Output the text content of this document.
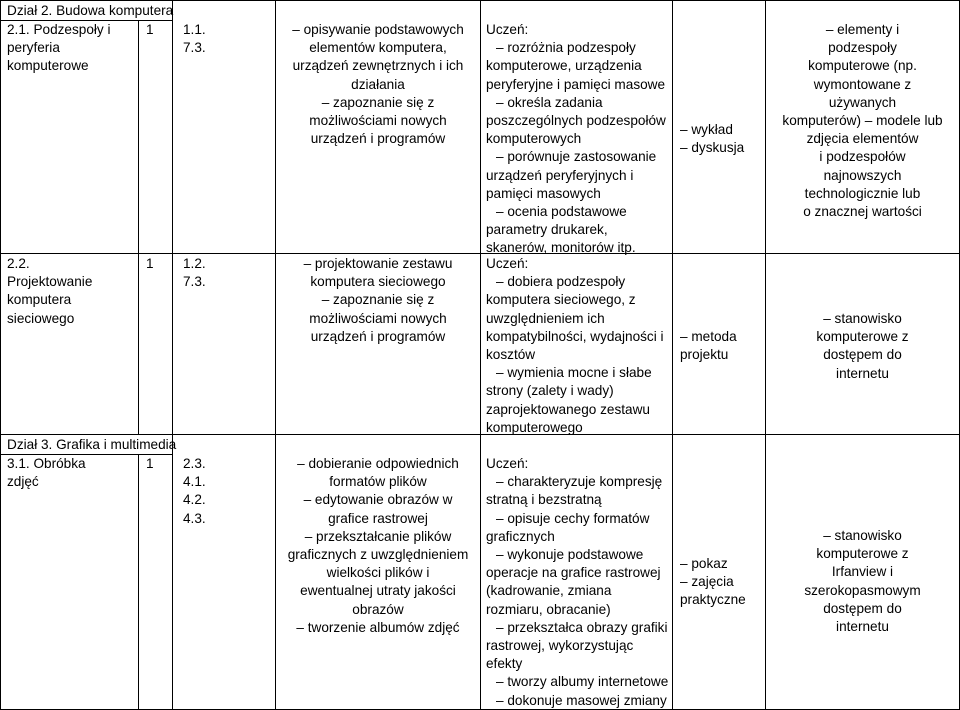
Dział 2. Budowa komputera
Dział 3. Grafika i multimedia
2.1. Podzespoły i
peryferia
komputerowe
1 1.1.
7.3.
– opisywanie podstawowych
elementów komputera,
urządzeń zewnętrznych i ich
działania
– zapoznanie się z
możliwościami nowych
urządzeń i programów
Uczeń:
– rozróżnia podzespoły
komputerowe, urządzenia
peryferyjne i pamięci masowe
– określa zadania
poszczególnych podzespołów
komputerowych
– porównuje zastosowanie
urządzeń peryferyjnych i
pamięci masowych
– ocenia podstawowe
parametry drukarek,
skanerów, monitorów itp.
– wykład
– dyskusja
– elementy i
podzespoły
komputerowe (np.
wymontowane z
używanych
komputerów) – modele lub
zdjęcia elementów
i podzespołów
najnowszych
technologicznie lub
o znacznej wartości
2.2.
Projektowanie
komputera
sieciowego
1 1.2.
7.3.
– projektowanie zestawu
komputera sieciowego
– zapoznanie się z
możliwościami nowych
urządzeń i programów
Uczeń:
– dobiera podzespoły
komputera sieciowego, z
uwzględnieniem ich
kompatybilności, wydajności i
kosztów
– wymienia mocne i słabe
strony (zalety i wady)
zaprojektowanego zestawu
komputerowego
– metoda
projektu
– stanowisko
komputerowe z
dostępem do
internetu
3.1. Obróbka
zdjęć
1 2.3.
4.1.
4.2.
4.3.
– dobieranie odpowiednich
formatów plików
– edytowanie obrazów w
grafice rastrowej
– przekształcanie plików
graficznych z uwzględnieniem
wielkości plików i
ewentualnej utraty jakości
obrazów
– tworzenie albumów zdjęć
Uczeń:
– charakteryzuje kompresję
stratną i bezstratną
– opisuje cechy formatów
graficznych
– wykonuje podstawowe
operacje na grafice rastrowej
(kadrowanie, zmiana
rozmiaru, obracanie)
– przekształca obrazy grafiki
rastrowej, wykorzystując
efekty
– tworzy albumy internetowe
– dokonuje masowej zmiany
– pokaz
– zajęcia
praktyczne
– stanowisko
komputerowe z
Irfanview i
szerokopasmowym
dostępem do
internetu
